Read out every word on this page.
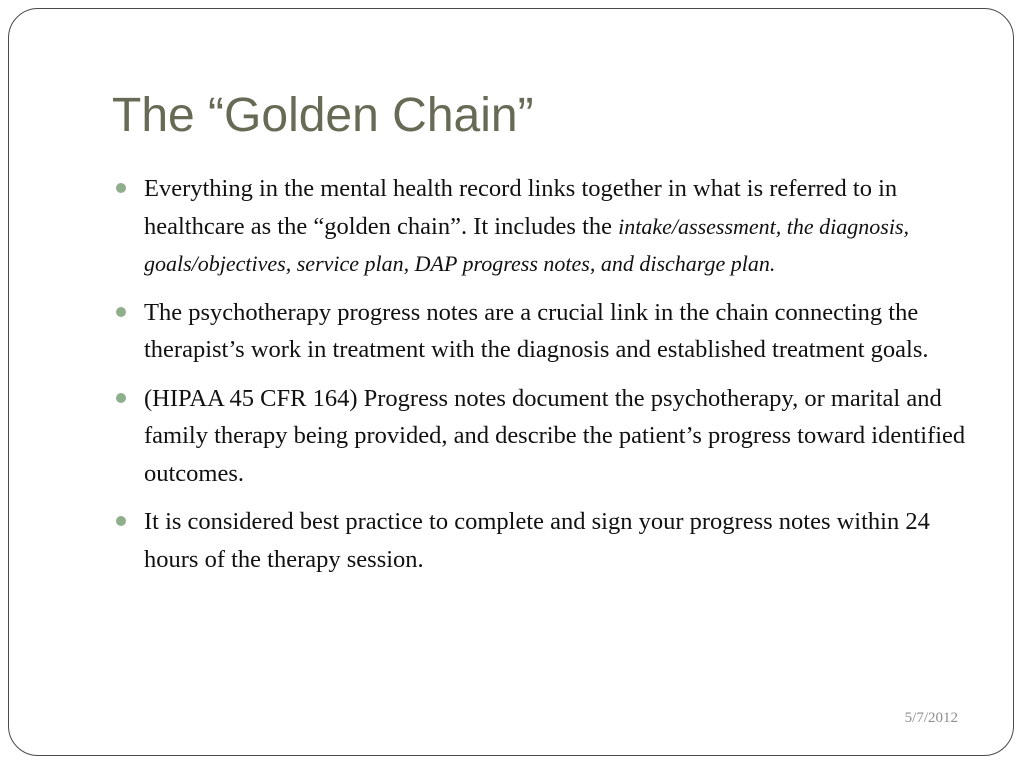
The “Golden Chain”
Everything in the mental health record links together in what is referred to in healthcare as the “golden chain”. It includes the intake/assessment, the diagnosis, goals/objectives, service plan, DAP progress notes, and discharge plan.
The psychotherapy progress notes are a crucial link in the chain connecting the therapist’s work in treatment with the diagnosis and established treatment goals.
(HIPAA 45 CFR 164) Progress notes document the psychotherapy, or marital and family therapy being provided, and describe the patient’s progress toward identified outcomes.
It is considered best practice to complete and sign your progress notes within 24 hours of the therapy session.
5/7/2012
